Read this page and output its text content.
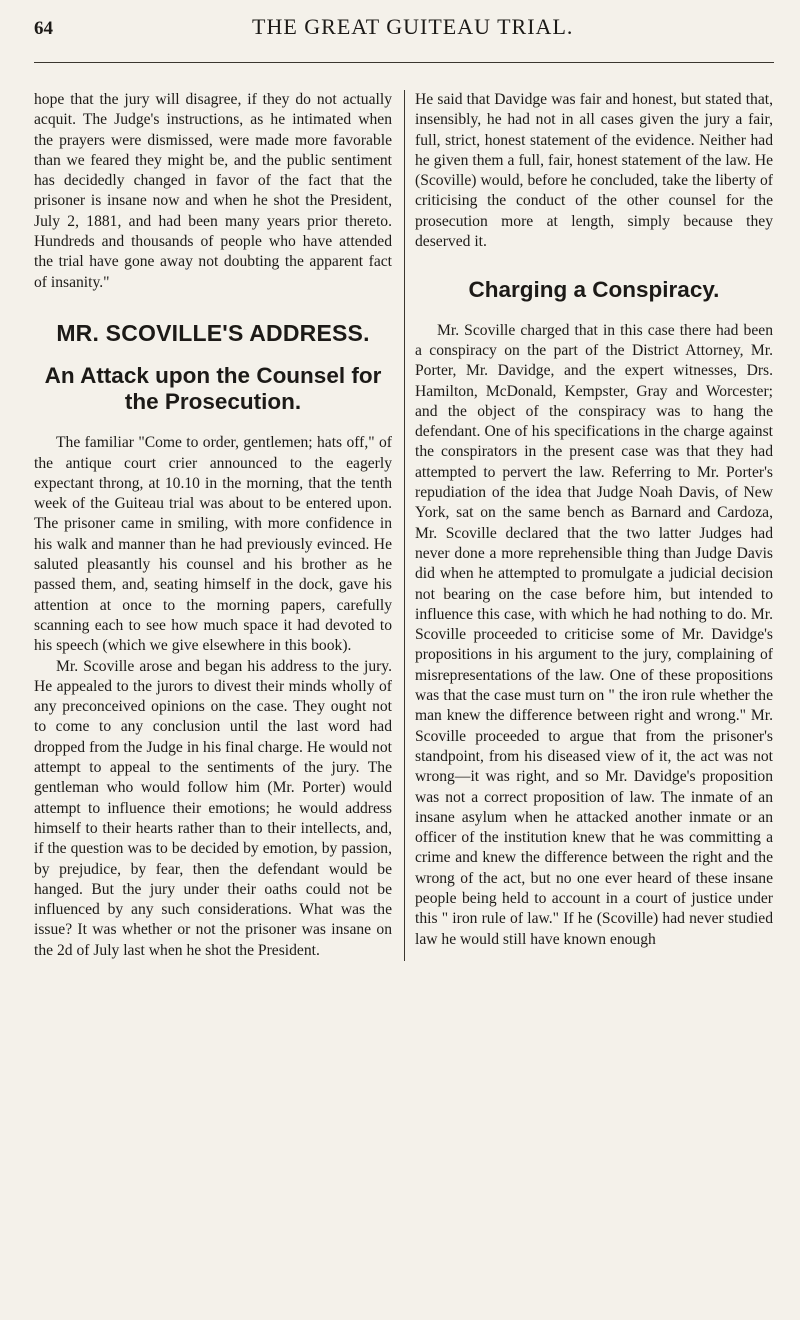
64	THE GREAT GUITEAU TRIAL.

hope that the jury will disagree, if they do not actually acquit. The Judge's instructions, as he intimated when the prayers were dismissed, were made more favorable than we feared they might be, and the public sentiment has decidedly changed in favor of the fact that the prisoner is insane now and when he shot the President, July 2, 1881, and had been many years prior thereto. Hundreds and thousands of people who have attended the trial have gone away not doubting the apparent fact of insanity."

MR. SCOVILLE'S ADDRESS.
An Attack upon the Counsel for the Prosecution.

The familiar "Come to order, gentlemen; hats off," of the antique court crier announced to the eagerly expectant throng, at 10.10 in the morning, that the tenth week of the Guiteau trial was about to be entered upon. The prisoner came in smiling, with more confidence in his walk and manner than he had previously evinced. He saluted pleasantly his counsel and his brother as he passed them, and, seating himself in the dock, gave his attention at once to the morning papers, carefully scanning each to see how much space it had devoted to his speech (which we give elsewhere in this book).

Mr. Scoville arose and began his address to the jury. He appealed to the jurors to divest their minds wholly of any preconceived opinions on the case. They ought not to come to any conclusion until the last word had dropped from the Judge in his final charge. He would not attempt to appeal to the sentiments of the jury. The gentleman who would follow him (Mr. Porter) would attempt to influence their emotions; he would address himself to their hearts rather than to their intellects, and, if the question was to be decided by emotion, by passion, by prejudice, by fear, then the defendant would be hanged. But the jury under their oaths could not be influenced by any such considerations. What was the issue? It was whether or not the prisoner was insane on the 2d of July last when he shot the President.

He said that Davidge was fair and honest, but stated that, insensibly, he had not in all cases given the jury a fair, full, strict, honest statement of the evidence. Neither had he given them a full, fair, honest statement of the law. He (Scoville) would, before he concluded, take the liberty of criticising the conduct of the other counsel for the prosecution more at length, simply because they deserved it.

Charging a Conspiracy.

Mr. Scoville charged that in this case there had been a conspiracy on the part of the District Attorney, Mr. Porter, Mr. Davidge, and the expert witnesses, Drs. Hamilton, McDonald, Kempster, Gray and Worcester; and the object of the conspiracy was to hang the defendant. One of his specifications in the charge against the conspirators in the present case was that they had attempted to pervert the law. Referring to Mr. Porter's repudiation of the idea that Judge Noah Davis, of New York, sat on the same bench as Barnard and Cardoza, Mr. Scoville declared that the two latter Judges had never done a more reprehensible thing than Judge Davis did when he attempted to promulgate a judicial decision not bearing on the case before him, but intended to influence this case, with which he had nothing to do. Mr. Scoville proceeded to criticise some of Mr. Davidge's propositions in his argument to the jury, complaining of misrepresentations of the law. One of these propositions was that the case must turn on " the iron rule whether the man knew the difference between right and wrong." Mr. Scoville proceeded to argue that from the prisoner's standpoint, from his diseased view of it, the act was not wrong—it was right, and so Mr. Davidge's proposition was not a correct proposition of law. The inmate of an insane asylum when he attacked another inmate or an officer of the institution knew that he was committing a crime and knew the difference between the right and the wrong of the act, but no one ever heard of these insane people being held to account in a court of justice under this " iron rule of law." If he (Scoville) had never studied law he would still have known enough
